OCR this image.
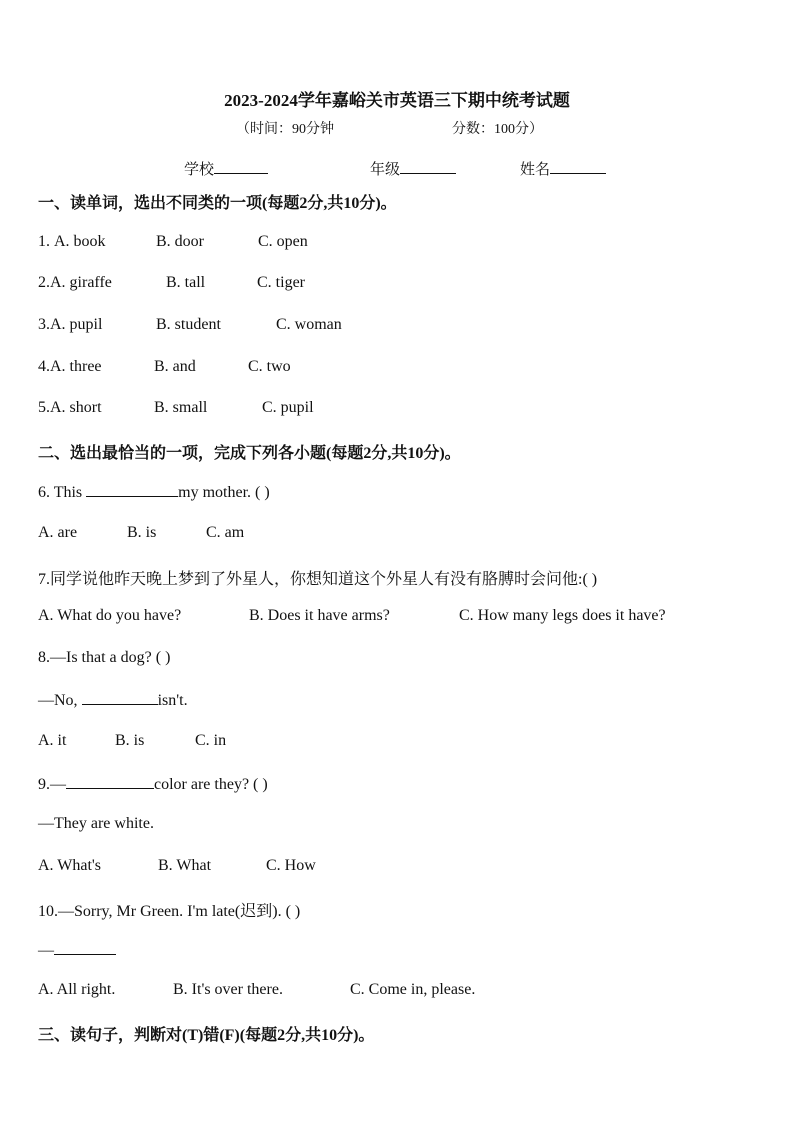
2023-2024学年嘉峪关市英语三下期中统考试题
（时间：90分钟	分数：100分）
学校	年级	姓名
一、读单词，选出不同类的一项(每题2分,共10分)。
1. A. book	B. door	C. open
2.A. giraffe	B. tall	C. tiger
3.A. pupil	B. student	C. woman
4.A. three	B. and	C. two
5.A. short	B. small	C. pupil
二、选出最恰当的一项，完成下列各小题(每题2分,共10分)。
6. This	my mother. ( )
A. are	B. is	C. am
7.同学说他昨天晚上梦到了外星人，你想知道这个外星人有没有胳膊时会问他:( )
A. What do you have?	B. Does it have arms?	C. How many legs does it have?
8.—Is that a dog? ( )
—No,	isn't.
A. it	B. is	C. in
9.—	color are they? ( )
—They are white.
A. What's	B. What	C. How
10.—Sorry, Mr Green. I'm late(迟到). ( )
—
A. All right.	B. It's over there.	C. Come in, please.
三、读句子，判断对(T)错(F)(每题2分,共10分)。
